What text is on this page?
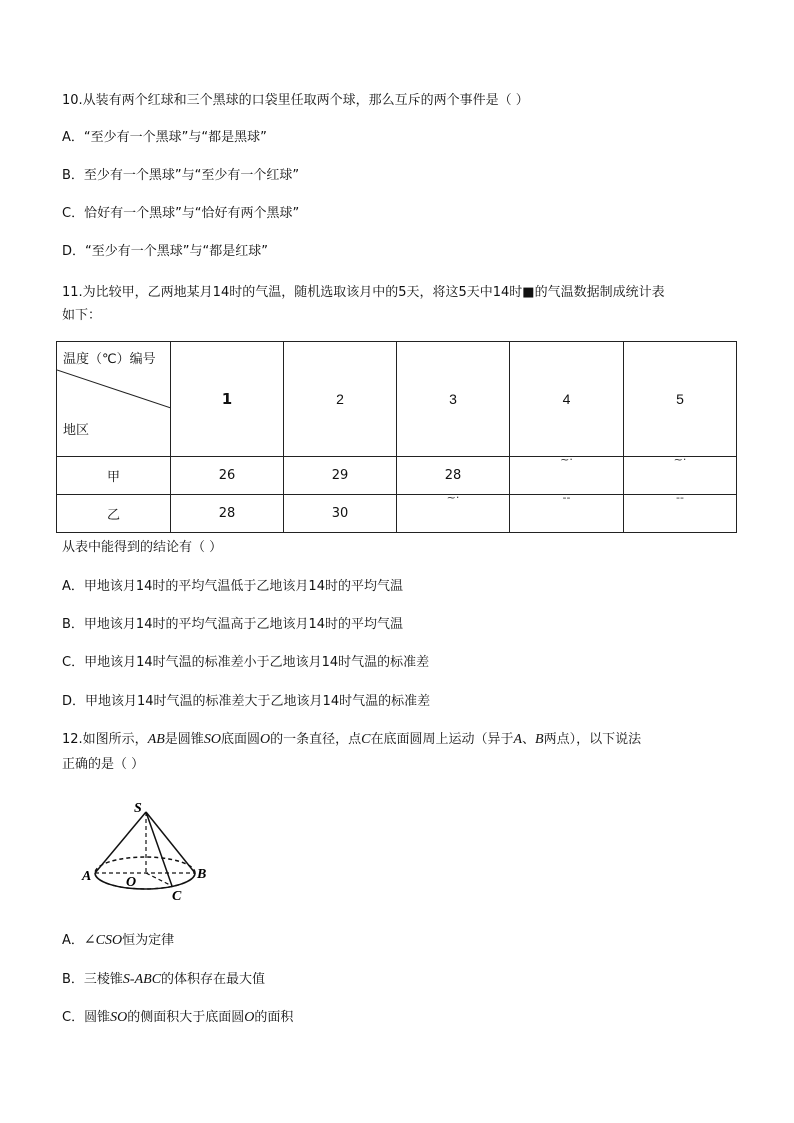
10.从装有两个红球和三个黑球的口袋里任取两个球，那么互斥的两个事件是（ ）
A．“至少有一个黑球”与“都是黑球”
B．至少有一个黑球”与“至少有一个红球”
C．恰好有一个黑球”与“恰好有两个黑球”
D．“至少有一个黑球”与“都是红球”
11.为比较甲，乙两地某月14时的气温，随机选取该月中的5天，将这5天中14时■的气温数据制成统计表
如下：
温度（℃）编号
地区	1	2	3	4	5
甲	26	29	28	~·	~·

乙	28	30	~·	--	--
从表中能得到的结论有（ ）
A．甲地该月14时的平均气温低于乙地该月14时的平均气温
B．甲地该月14时的平均气温高于乙地该月14时的平均气温
C．甲地该月14时气温的标准差小于乙地该月14时气温的标准差
D．甲地该月14时气温的标准差大于乙地该月14时气温的标准差
12.如图所示，AB是圆锥SO底面圆O的一条直径，点C在底面圆周上运动（异于A、B两点），以下说法
正确的是（ ）
S
A O
B
C
A．∠CSO恒为定律
B．三棱锥S-ABC的体积存在最大值
C．圆锥SO的侧面积大于底面圆O的面积
